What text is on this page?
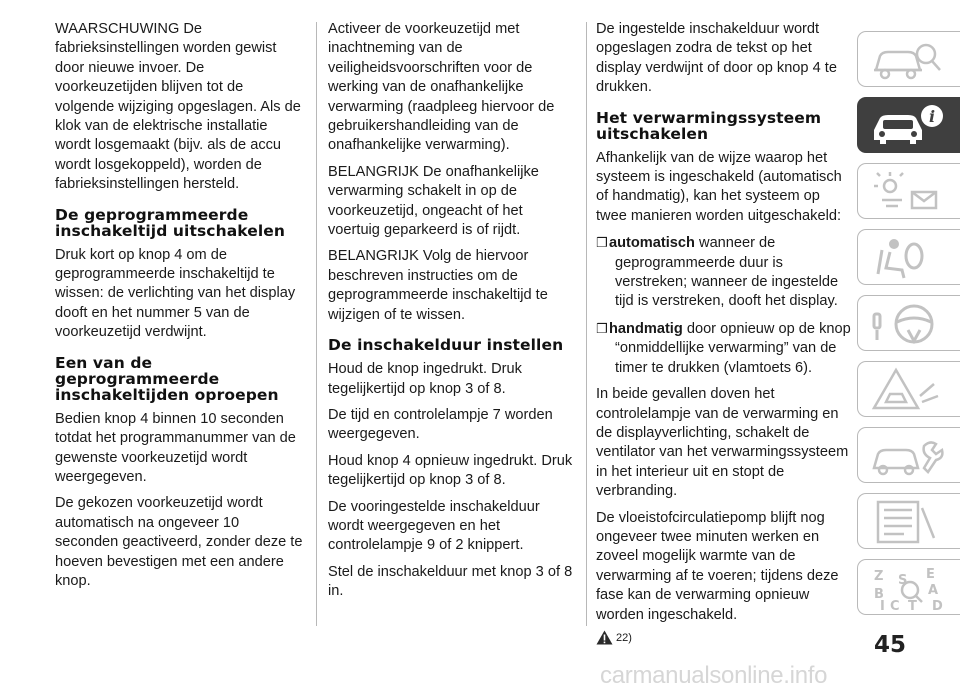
WAARSCHUWING De fabrieksinstellingen worden gewist door nieuwe invoer. De voorkeuzetijden blijven tot de volgende wijziging opgeslagen. Als de klok van de elektrische installatie wordt losgemaakt (bijv. als de accu wordt losgekoppeld), worden de fabrieksinstellingen hersteld.

De geprogrammeerde inschakeltijd uitschakelen

Druk kort op knop 4 om de geprogrammeerde inschakeltijd te wissen: de verlichting van het display dooft en het nummer 5 van de voorkeuzetijd verdwijnt.

Een van de geprogrammeerde inschakeltijden oproepen

Bedien knop 4 binnen 10 seconden totdat het programmanummer van de gewenste voorkeuzetijd wordt weergegeven.

De gekozen voorkeuzetijd wordt automatisch na ongeveer 10 seconden geactiveerd, zonder deze te hoeven bevestigen met een andere knop.

Activeer de voorkeuzetijd met inachtneming van de veiligheidsvoorschriften voor de werking van de onafhankelijke verwarming (raadpleeg hiervoor de gebruikershandleiding van de onafhankelijke verwarming).

BELANGRIJK De onafhankelijke verwarming schakelt in op de voorkeuzetijd, ongeacht of het voertuig geparkeerd is of rijdt.

BELANGRIJK Volg de hiervoor beschreven instructies om de geprogrammeerde inschakeltijd te wijzigen of te wissen.

De inschakelduur instellen

Houd de knop ingedrukt. Druk tegelijkertijd op knop 3 of 8.

De tijd en controlelampje 7 worden weergegeven.

Houd knop 4 opnieuw ingedrukt. Druk tegelijkertijd op knop 3 of 8.

De vooringestelde inschakelduur wordt weergegeven en het controlelampje 9 of 2 knippert.

Stel de inschakelduur met knop 3 of 8 in.

De ingestelde inschakelduur wordt opgeslagen zodra de tekst op het display verdwijnt of door op knop 4 te drukken.

Het verwarmingssysteem uitschakelen

Afhankelijk van de wijze waarop het systeem is ingeschakeld (automatisch of handmatig), kan het systeem op twee manieren worden uitgeschakeld:

❒automatisch wanneer de geprogrammeerde duur is verstreken; wanneer de ingestelde tijd is verstreken, dooft het display.

❒handmatig door opnieuw op de knop “onmiddellijke verwarming” van de timer te drukken (vlamtoets 6).

In beide gevallen doven het controlelampje van de verwarming en de displayverlichting, schakelt de ventilator van het verwarmingssysteem in het interieur uit en stopt de verbranding.

De vloeistofcirculatiepomp blijft nog ongeveer twee minuten werken en zoveel mogelijk warmte van de verwarming af te voeren; tijdens deze fase kan de verwarming opnieuw worden ingeschakeld.

22)
i
Z	E
S
A
B
D
I C T
45
carmanualsonline.info
